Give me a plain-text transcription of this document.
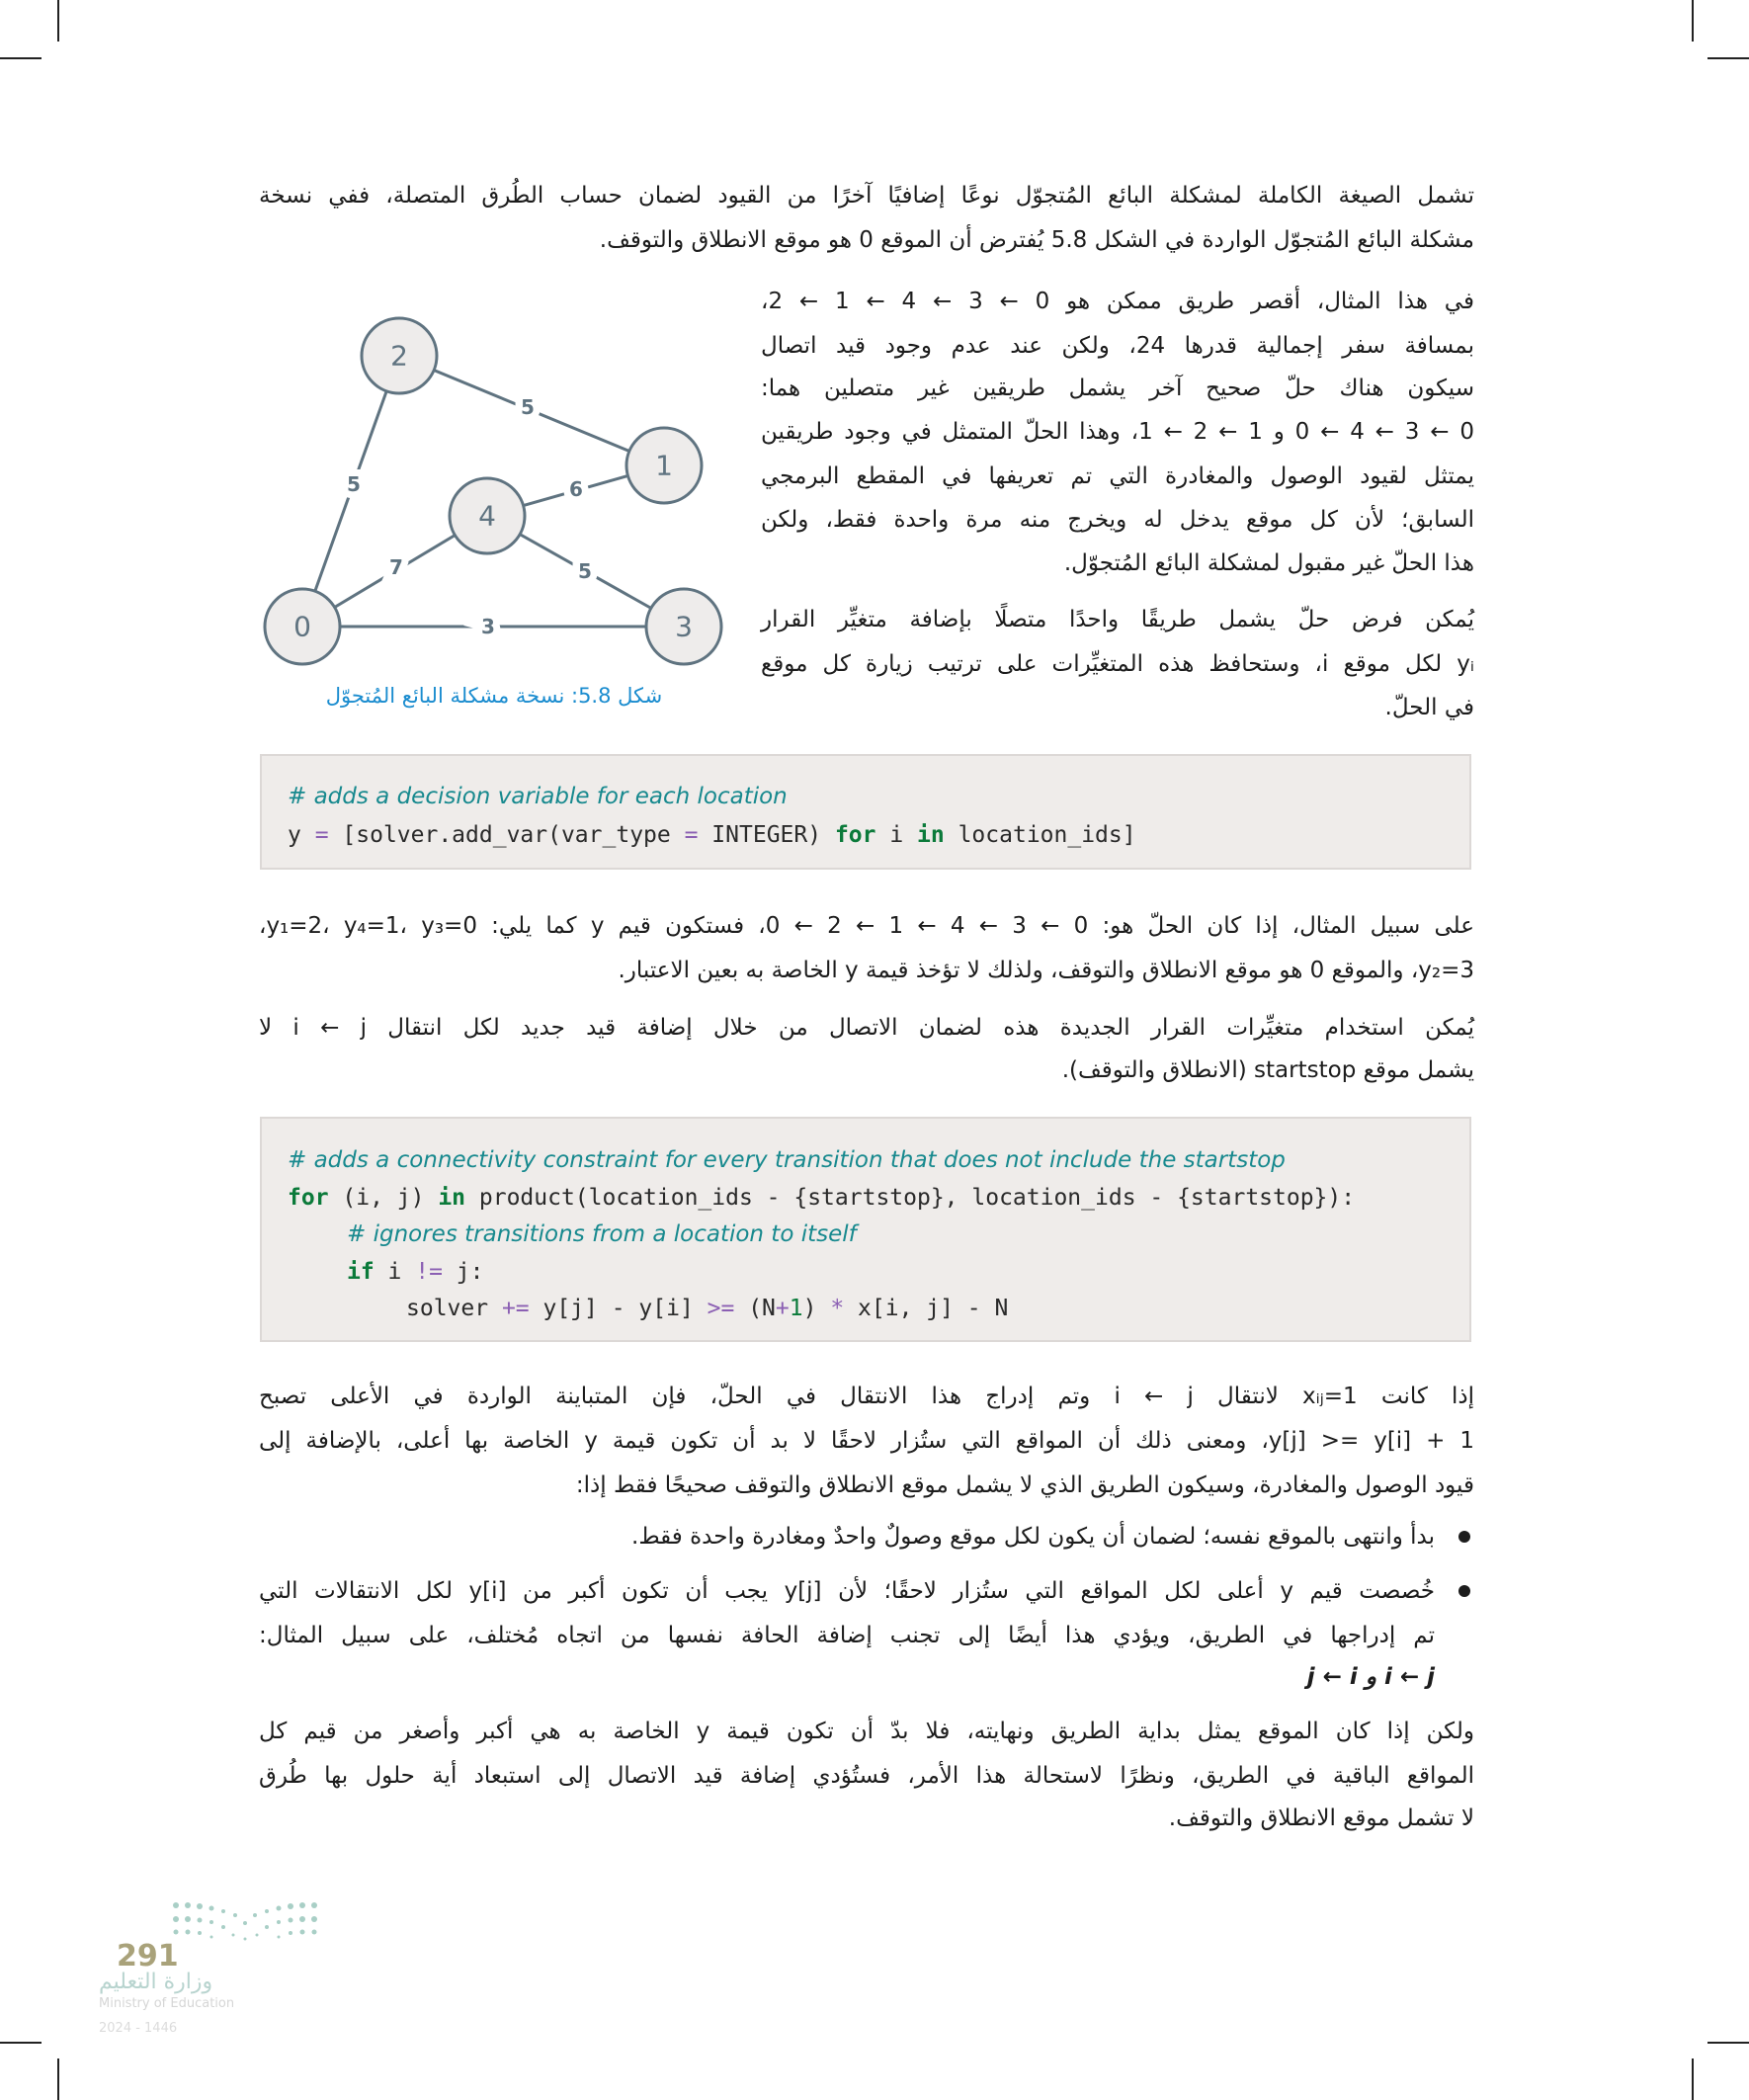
تشمل الصيغة الكاملة لمشكلة البائع المُتجوّل نوعًا إضافيًا آخرًا من القيود لضمان حساب الطُرق المتصلة، ففي نسخة
مشكلة البائع المُتجوّل الواردة في الشكل 5.8 يُفترض أن الموقع 0 هو موقع الانطلاق والتوقف.
في هذا المثال، أقصر طريق ممكن هو 0 ← 3 ← 4 ← 1 ← 2،
بمسافة سفر إجمالية قدرها 24، ولكن عند عدم وجود قيد اتصال
سيكون هناك حلّ صحيح آخر يشمل طريقين غير متصلين هما:
0 ← 3 ← 4 ← 0 و 1 ← 2 ← 1، وهذا الحلّ المتمثل في وجود طريقين
يمتثل لقيود الوصول والمغادرة التي تم تعريفها في المقطع البرمجي
السابق؛ لأن كل موقع يدخل له ويخرج منه مرة واحدة فقط، ولكن
هذا الحلّ غير مقبول لمشكلة البائع المُتجوّل.
يُمكن فرض حلّ يشمل طريقًا واحدًا متصلًا بإضافة متغيِّر القرار
yᵢ لكل موقع i، وستحافظ هذه المتغيِّرات على ترتيب زيارة كل موقع
في الحلّ.
5
5	6
7	5
3
0
1
2
3
4
شكل 5.8: نسخة مشكلة البائع المُتجوّل
# adds a decision variable for each location
y = [solver.add_var(var_type = INTEGER) for i in location_ids]
على سبيل المثال، إذا كان الحلّ هو: 0 ← 3 ← 4 ← 1 ← 2 ← 0، فستكون قيم y كما يلي: y₁=2، y₄=1، y₃=0،
y₂=3، والموقع 0 هو موقع الانطلاق والتوقف، ولذلك لا تؤخذ قيمة y الخاصة به بعين الاعتبار.
يُمكن استخدام متغيِّرات القرار الجديدة هذه لضمان الاتصال من خلال إضافة قيد جديد لكل انتقال i ← j لا
يشمل موقع startstop (الانطلاق والتوقف).
# adds a connectivity constraint for every transition that does not include the startstop
for (i, j) in product(location_ids - {startstop}, location_ids - {startstop}):
# ignores transitions from a location to itself
if i != j:
solver += y[j] - y[i] >= (N+1) * x[i, j] - N
إذا كانت xᵢⱼ=1 لانتقال i ← j وتم إدراج هذا الانتقال في الحلّ، فإن المتباينة الواردة في الأعلى تصبح
⁦y[j] >= y[i] + 1⁩، ومعنى ذلك أن المواقع التي ستُزار لاحقًا لا بد أن تكون قيمة y الخاصة بها أعلى، بالإضافة إلى
قيود الوصول والمغادرة، وسيكون الطريق الذي لا يشمل موقع الانطلاق والتوقف صحيحًا فقط إذا:
بدأ وانتهى بالموقع نفسه؛ لضمان أن يكون لكل موقع وصولٌ واحدٌ ومغادرة واحدة فقط.
خُصصت قيم y أعلى لكل المواقع التي ستُزار لاحقًا؛ لأن y[j] يجب أن تكون أكبر من y[i] لكل الانتقالات التي
تم إدراجها في الطريق، ويؤدي هذا أيضًا إلى تجنب إضافة الحافة نفسها من اتجاه مُختلف، على سبيل المثال:
i ← j و j ← i
ولكن إذا كان الموقع يمثل بداية الطريق ونهايته، فلا بدّ أن تكون قيمة y الخاصة به هي أكبر وأصغر من قيم كل
المواقع الباقية في الطريق، ونظرًا لاستحالة هذا الأمر، فستُؤدي إضافة قيد الاتصال إلى استبعاد أية حلول بها طُرق
لا تشمل موقع الانطلاق والتوقف.
291
وزارة التعليم
Ministry of Education
2024 - 1446
